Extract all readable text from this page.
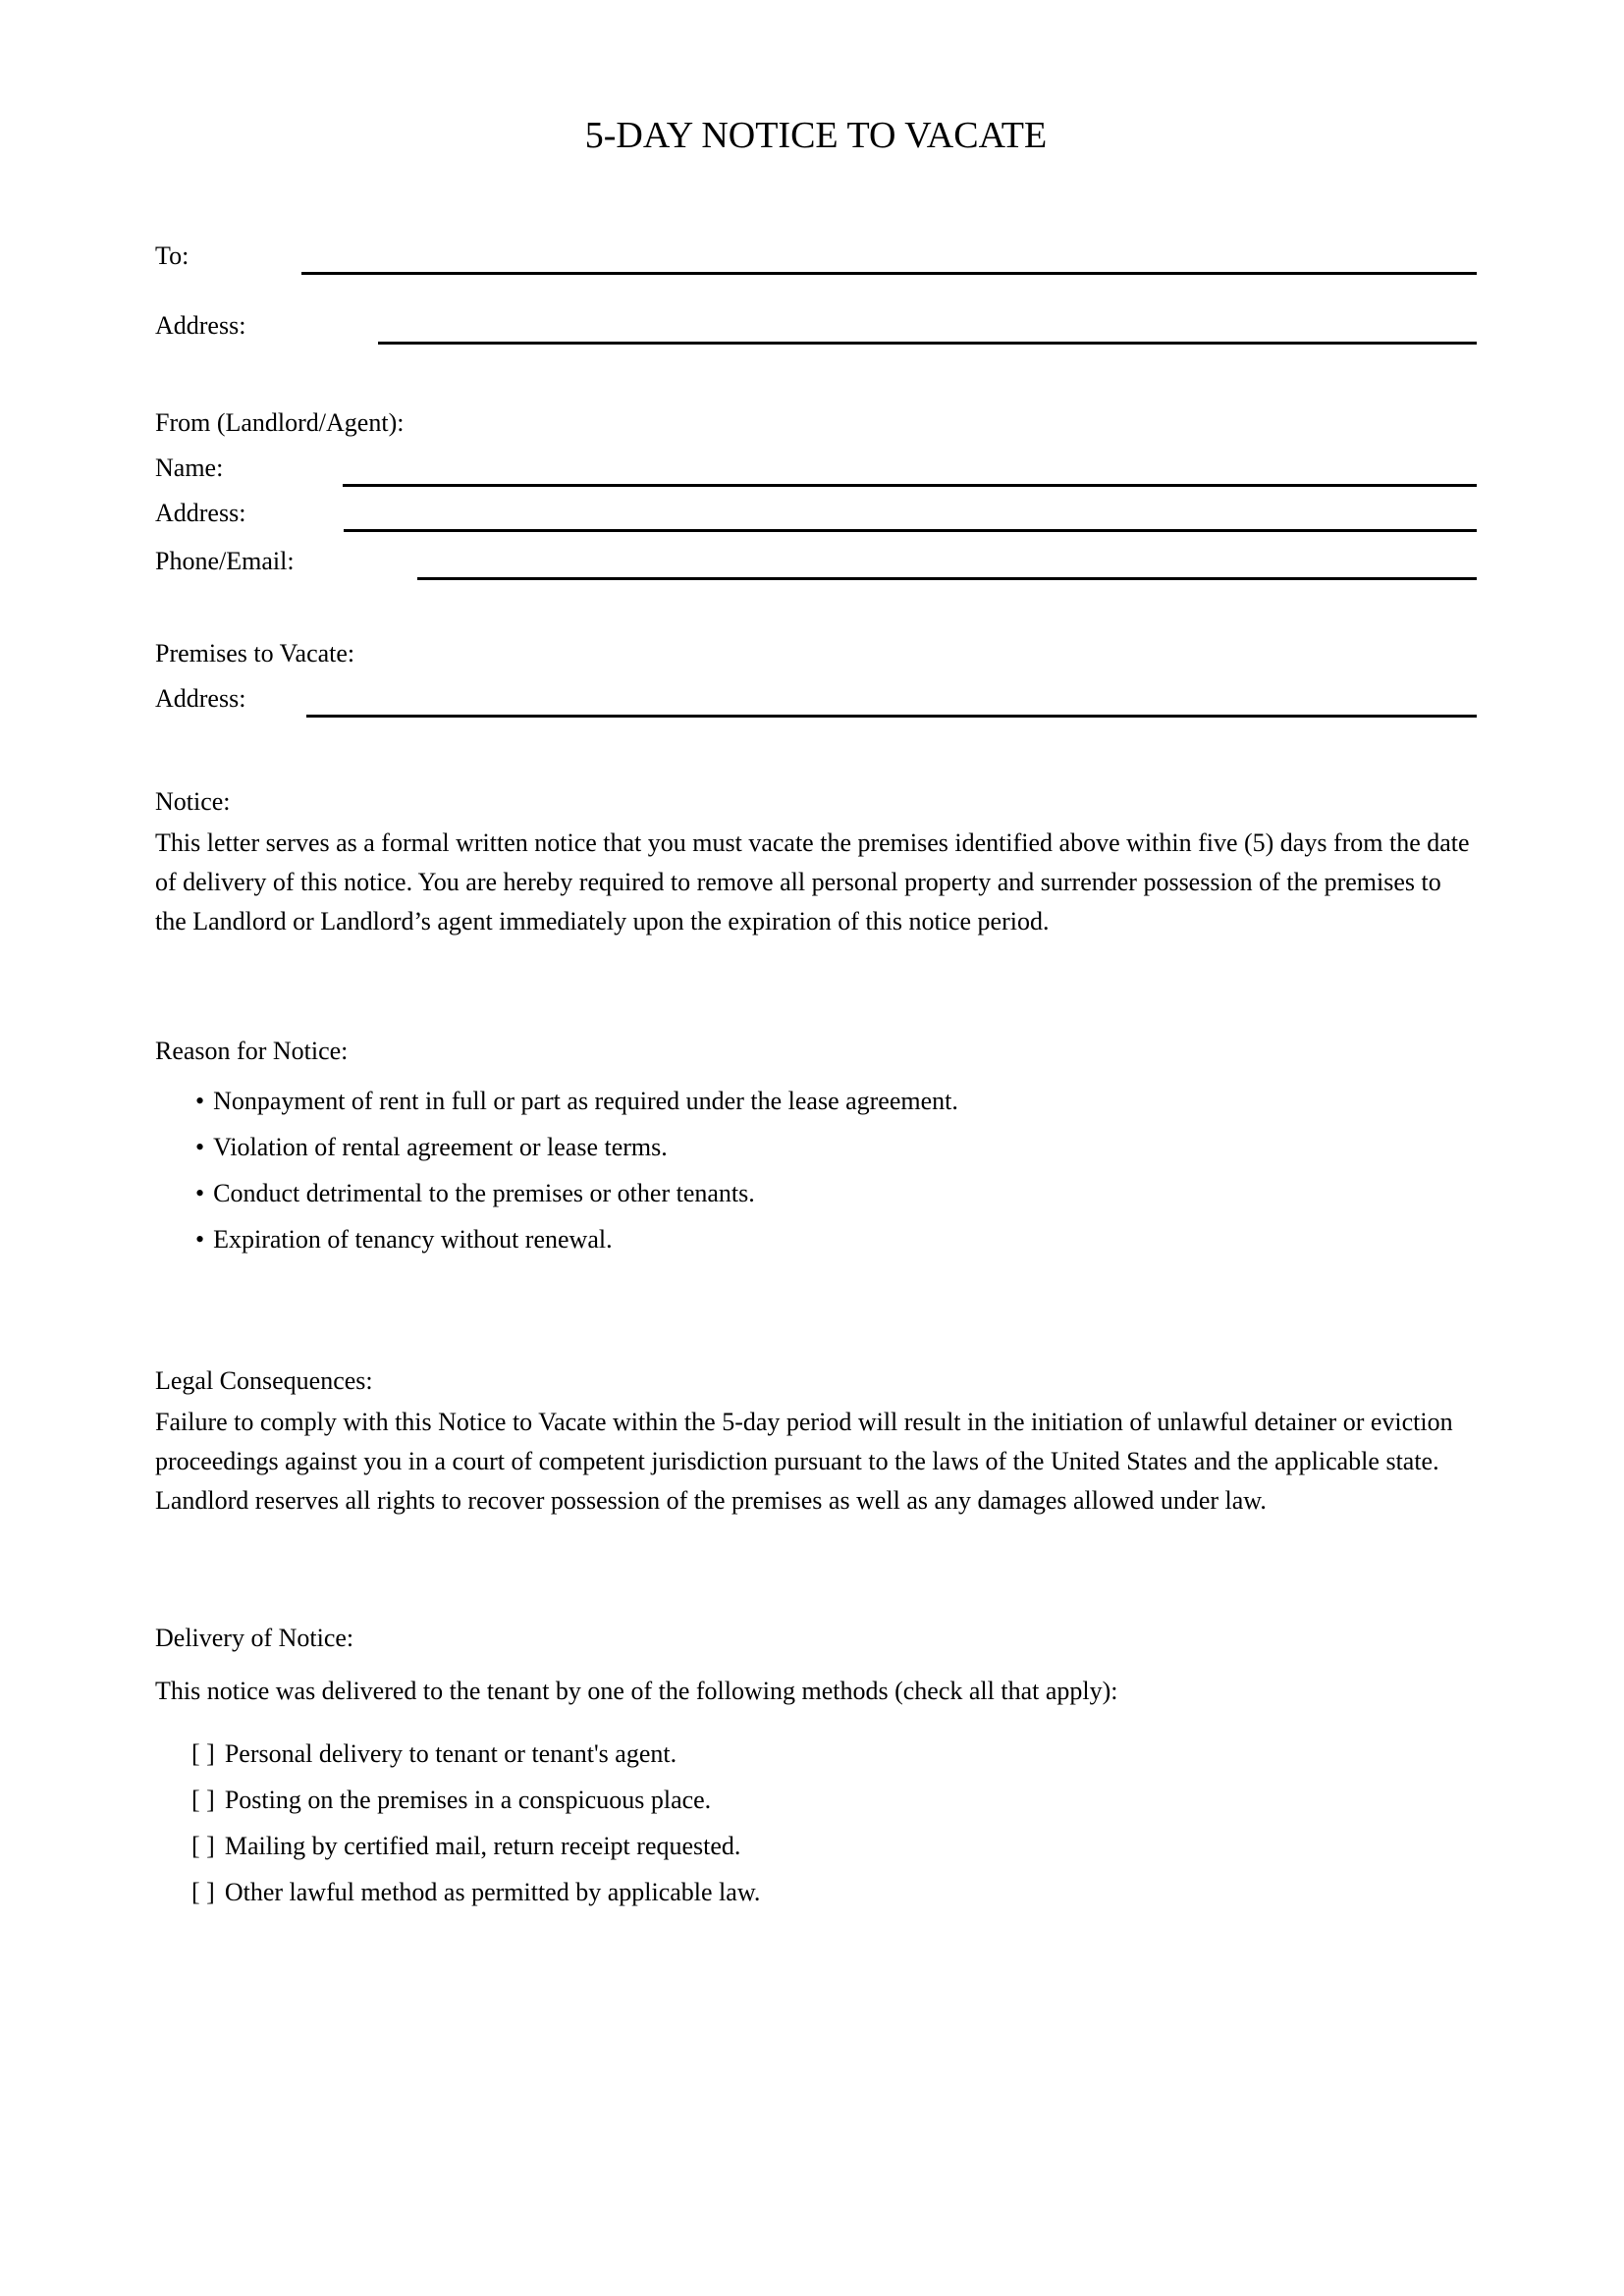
5-DAY NOTICE TO VACATE
To:
Address:
From (Landlord/Agent):
Name:
Address:
Phone/Email:
Premises to Vacate:
Address:
Notice:

This letter serves as a formal written notice that you must vacate the premises identified above within five (5) days from the date of delivery of this notice. You are hereby required to remove all personal property and surrender possession of the premises to the Landlord or Landlord’s agent immediately upon the expiration of this notice period.

Reason for Notice:
• Nonpayment of rent in full or part as required under the lease agreement.
• Violation of rental agreement or lease terms.
• Conduct detrimental to the premises or other tenants.
• Expiration of tenancy without renewal.
Legal Consequences:

Failure to comply with this Notice to Vacate within the 5-day period will result in the initiation of unlawful detainer or eviction proceedings against you in a court of competent jurisdiction pursuant to the laws of the United States and the applicable state. Landlord reserves all rights to recover possession of the premises as well as any damages allowed under law.

Delivery of Notice:
This notice was delivered to the tenant by one of the following methods (check all that apply):
[ ] Personal delivery to tenant or tenant's agent.
[ ] Posting on the premises in a conspicuous place.
[ ] Mailing by certified mail, return receipt requested.
[ ] Other lawful method as permitted by applicable law.
